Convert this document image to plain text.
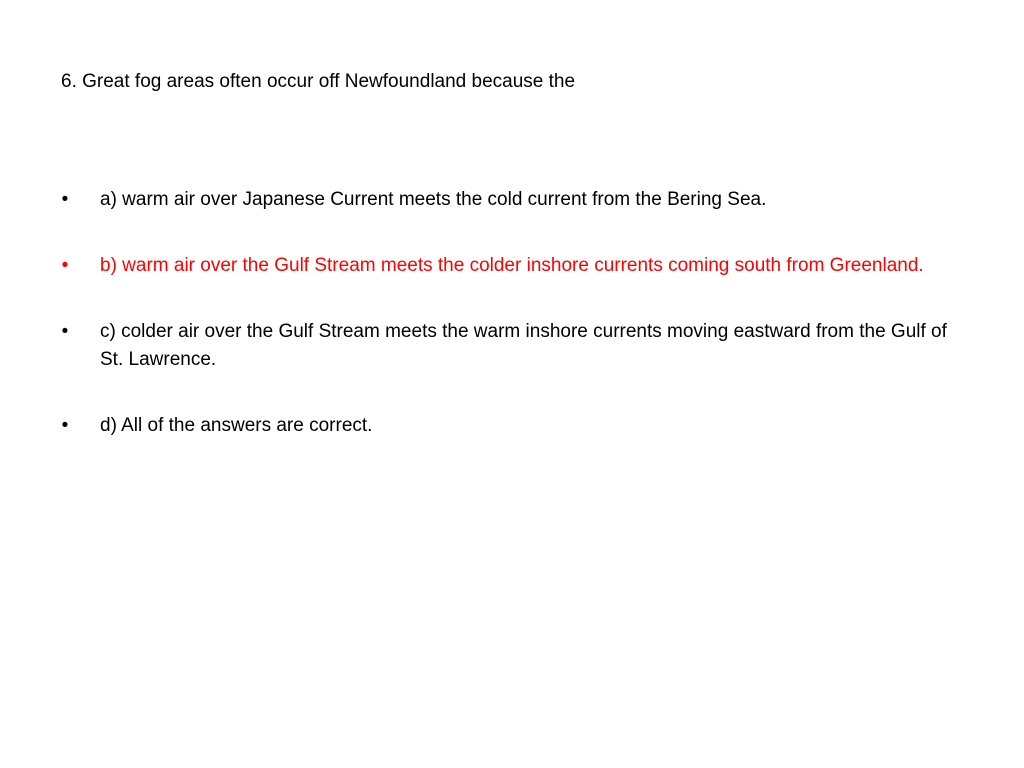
6. Great fog areas often occur off Newfoundland because the
• a) warm air over Japanese Current meets the cold current from the Bering Sea.
• b) warm air over the Gulf Stream meets the colder inshore currents coming south from Greenland.
• c) colder air over the Gulf Stream meets the warm inshore currents moving eastward from the Gulf of St. Lawrence.
• d) All of the answers are correct.
